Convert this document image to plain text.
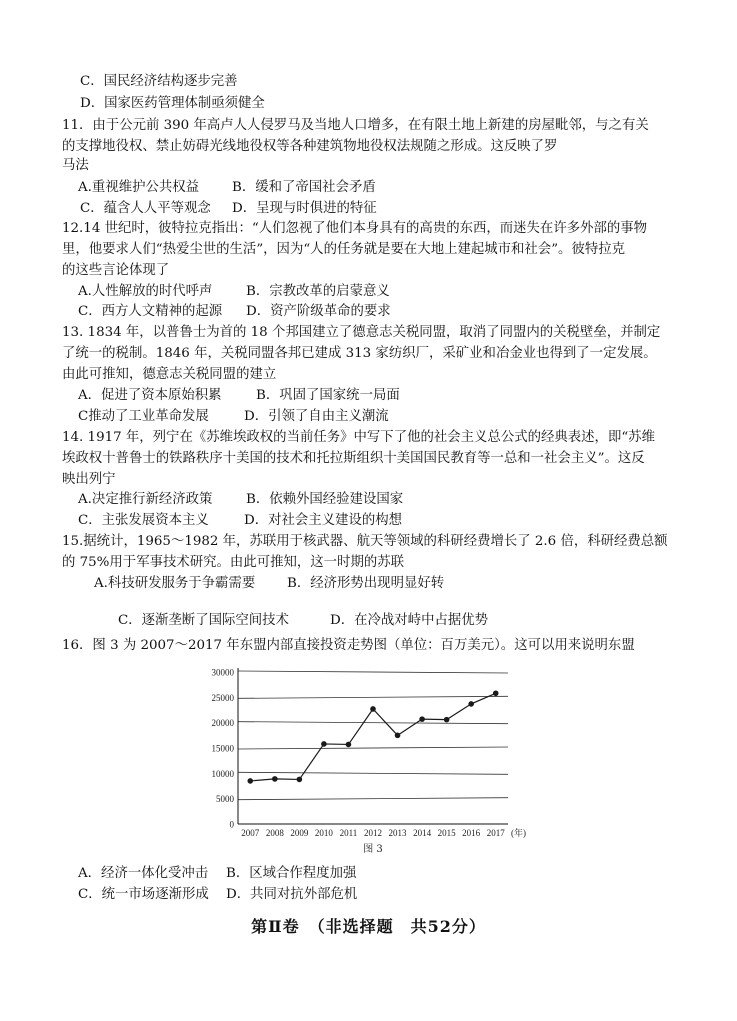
C．国民经济结构逐步完善
D．国家医药管理体制亟须健全
11．由于公元前 390 年高卢人人侵罗马及当地人口增多，在有限土地上新建的房屋毗邻，与之有关
的支撑地役权、禁止妨碍光线地役权等各种建筑物地役权法规随之形成。这反映了罗
马法
A.重视维护公共权益 B．缓和了帝国社会矛盾
C．蕴含人人平等观念 D．呈现与时俱进的特征
12.14 世纪时，彼特拉克指出：“人们忽视了他们本身具有的高贵的东西，而迷失在许多外部的事物
里，他要求人们“热爱尘世的生活”，因为“人的任务就是要在大地上建起城市和社会”。彼特拉克
的这些言论体现了
A.人性解放的时代呼声	B．宗教改革的启蒙意义
C．西方人文精神的起源 D．资产阶级革命的要求
13. 1834 年，以普鲁士为首的 18 个邦国建立了德意志关税同盟，取消了同盟内的关税壁垒，并制定
了统一的税制。1846 年，关税同盟各邦已建成 313 家纺织厂，采矿业和冶金业也得到了一定发展。
由此可推知，德意志关税同盟的建立
A．促进了资本原始积累	B．巩固了国家统一局面
C推动了工业革命发展	D．引领了自由主义潮流
14. 1917 年，列宁在《苏维埃政权的当前任务》中写下了他的社会主义总公式的经典表述，即“苏维
埃政权十普鲁士的铁路秩序十美国的技术和托拉斯组织十美国国民教育等一总和一社会主义”。这反
映出列宁
A.决定推行新经济政策	B．依赖外国经验建设国家
C．主张发展资本主义	D．对社会主义建设的构想
15.据统计，1965～1982 年，苏联用于核武器、航天等领域的科研经费增长了 2.6 倍，科研经费总额
的 75%用于军事技术研究。由此可推知，这一时期的苏联
A.科技研发服务于争霸需要 B．经济形势出现明显好转
C．逐渐垄断了国际空间技术	D．在冷战对峙中占据优势
16．图 3 为 2007～2017 年东盟内部直接投资走势图（单位：百万美元）。这可以用来说明东盟
0
5000
10000
15000
20000
25000
30000
2007 2008 2009 2010 2011 2012 2013 2014 2015 2016 2017 (年)
图 3
A．经济一体化受冲击 B．区域合作程度加强
C．统一市场逐渐形成 D．共同对抗外部危机
第Ⅱ卷　（非选择题　共52分）
